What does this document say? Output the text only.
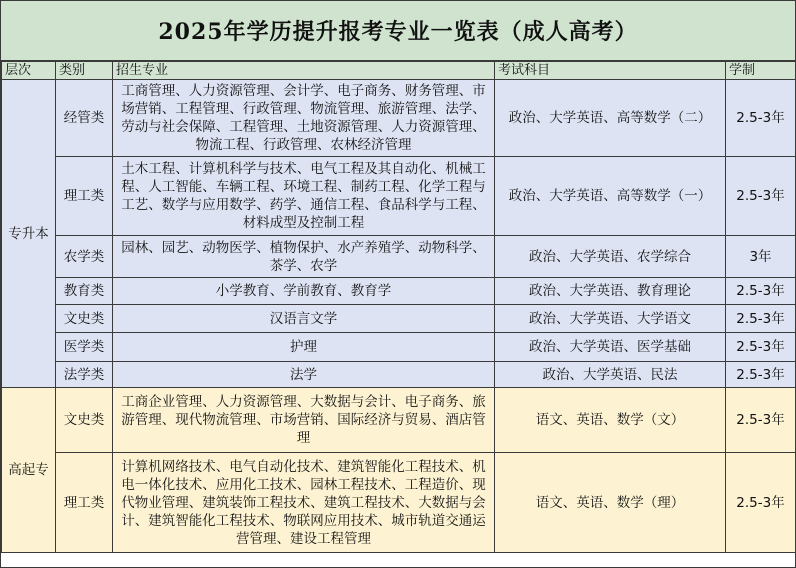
2025年学历提升报考专业一览表（成人高考）
层次	类别	招生专业	考试科目	学制
专升本	经管类	工商管理、人力资源管理、会计学、电子商务、财务管理、市场营销、工程管理、行政管理、物流管理、旅游管理、法学、劳动与社会保障、工程管理、土地资源管理、人力资源管理、物流工程、行政管理、农林经济管理	政治、大学英语、高等数学（二）	2.5-3年
	理工类	土木工程、计算机科学与技术、电气工程及其自动化、机械工程、人工智能、车辆工程、环境工程、制药工程、化学工程与工艺、数学与应用数学、药学、通信工程、食品科学与工程、材料成型及控制工程	政治、大学英语、高等数学（一）	2.5-3年
	农学类	园林、园艺、动物医学、植物保护、水产养殖学、动物科学、茶学、农学	政治、大学英语、农学综合	3年
	教育类	小学教育、学前教育、教育学	政治、大学英语、教育理论	2.5-3年
	文史类	汉语言文学	政治、大学英语、大学语文	2.5-3年
	医学类	护理	政治、大学英语、医学基础	2.5-3年
	法学类	法学	政治、大学英语、民法	2.5-3年
高起专	文史类	工商企业管理、人力资源管理、大数据与会计、电子商务、旅游管理、现代物流管理、市场营销、国际经济与贸易、酒店管理	语文、英语、数学（文）	2.5-3年
	理工类	计算机网络技术、电气自动化技术、建筑智能化工程技术、机电一体化技术、应用化工技术、园林工程技术、工程造价、现代物业管理、建筑装饰工程技术、建筑工程技术、大数据与会计、建筑智能化工程技术、物联网应用技术、城市轨道交通运营管理、建设工程管理	语文、英语、数学（理）	2.5-3年
